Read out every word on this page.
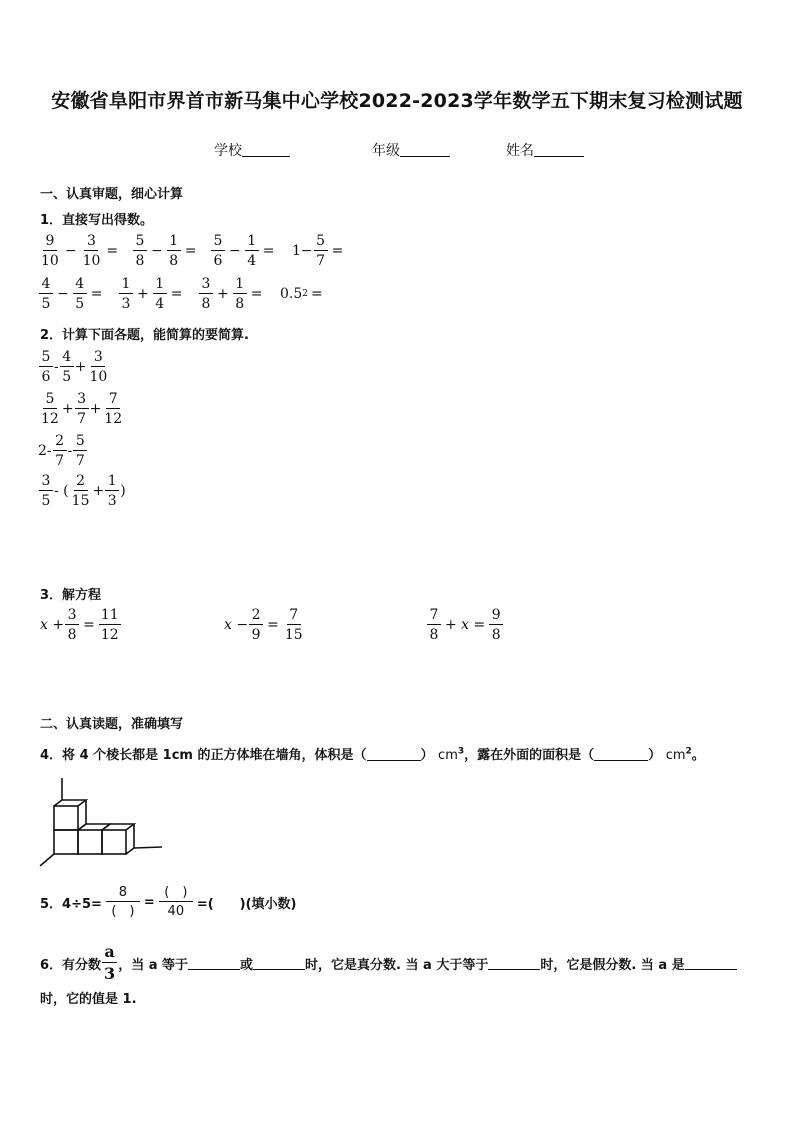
安徽省阜阳市界首市新马集中心学校2022-2023学年数学五下期末复习检测试题
学校	年级	姓名
一、认真审题，细心计算
1．直接写出得数。
9
10
− $\frac{3}{10}$ =
5
8
− $\frac{1}{8}$ =
5
6
− $\frac{1}{4} = 1- \frac{5}{7}$ =
4
5
− $\frac{4}{5}$ =
1
3
+ $\frac{1}{4}$ =
3
8
+ $\frac{1}{8} = 0.5$ 2 =
2．计算下面各题，能简算的要简算.
5
6
-
4
5
+ $\frac{3}{10}$
5
12
+ $\frac{3}{7} + \frac{7}{12}$
2-
2
7
-
5
7
3
5
- (
2
15
+ $\frac{1}{3}$ )
3．解方程
$x + \frac{3}{8} = \frac{11}{12}$	$x - \frac{2}{9} = \frac{7}{15}$	7
8
+ $x = \frac{9}{8}$
二、认真读题，准确填写
4．将 4 个棱长都是 1cm 的正方体堆在墙角，体积是（	） $cm^3$，露在外面的面积是（	） $cm^2$。
5．4÷5=
8
(　)
=
(　)
40 =(　　)(填小数)
6．有分数
a
3 ，当 a 等于	或	时，它是真分数. 当 a 大于等于	时，它是假分数. 当 a 是
时，它的值是 1.
